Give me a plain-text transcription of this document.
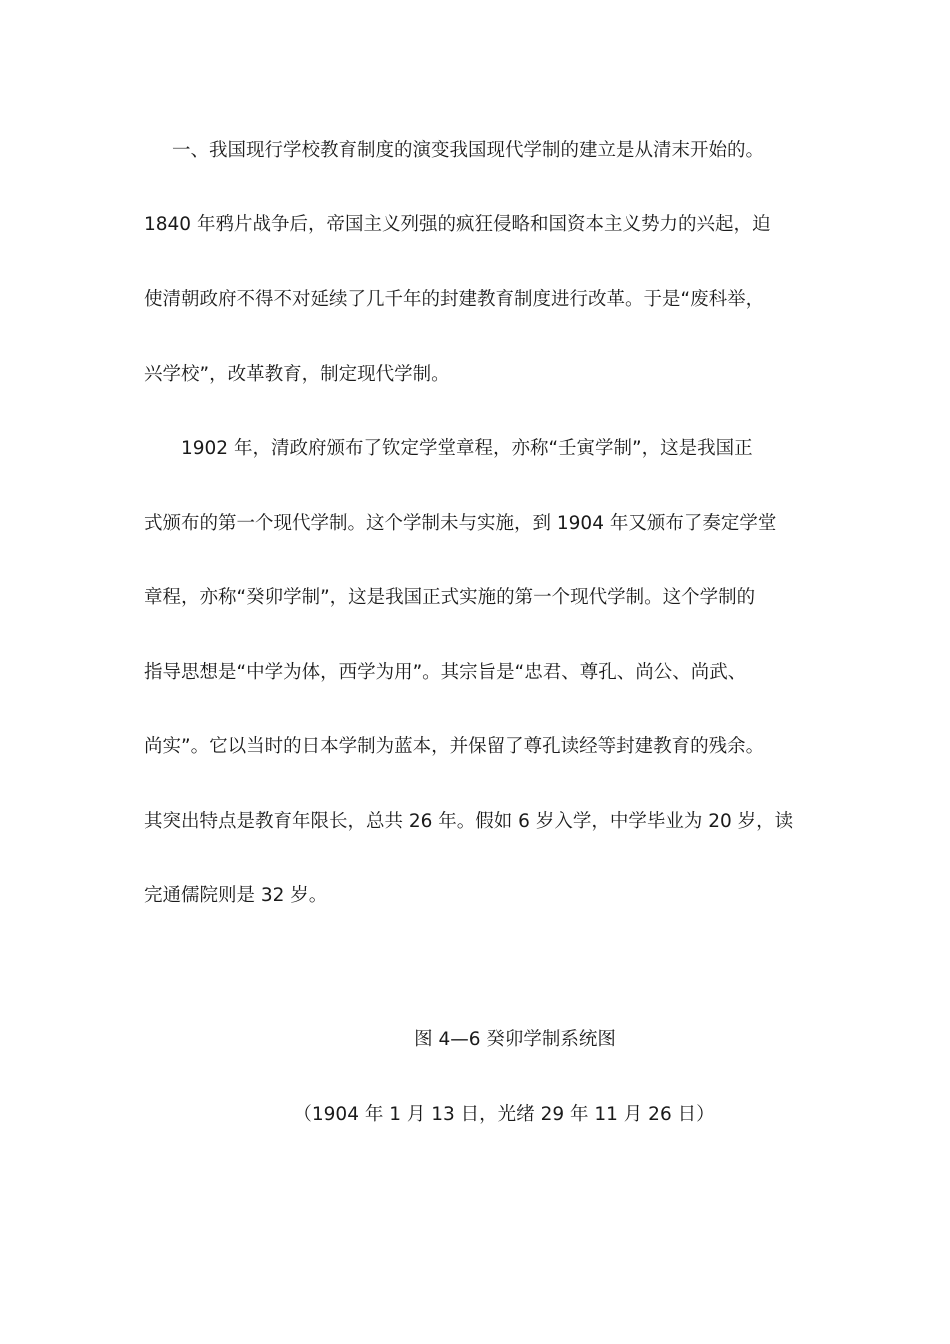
一、我国现行学校教育制度的演变我国现代学制的建立是从清末开始的。
1840 年鸦片战争后，帝国主义列强的疯狂侵略和国资本主义势力的兴起，迫
使清朝政府不得不对延续了几千年的封建教育制度进行改革。于是“废科举，
兴学校”，改革教育，制定现代学制。
1902 年，清政府颁布了钦定学堂章程，亦称“壬寅学制”，这是我国正
式颁布的第一个现代学制。这个学制未与实施，到 1904 年又颁布了奏定学堂
章程，亦称“癸卯学制”，这是我国正式实施的第一个现代学制。这个学制的
指导思想是“中学为体，西学为用”。其宗旨是“忠君、尊孔、尚公、尚武、
尚实”。它以当时的日本学制为蓝本，并保留了尊孔读经等封建教育的残余。
其突出特点是教育年限长，总共 26 年。假如 6 岁入学，中学毕业为 20 岁，读
完通儒院则是 32 岁。
图 4—6 癸卯学制系统图
（1904 年 1 月 13 日，光绪 29 年 11 月 26 日）
